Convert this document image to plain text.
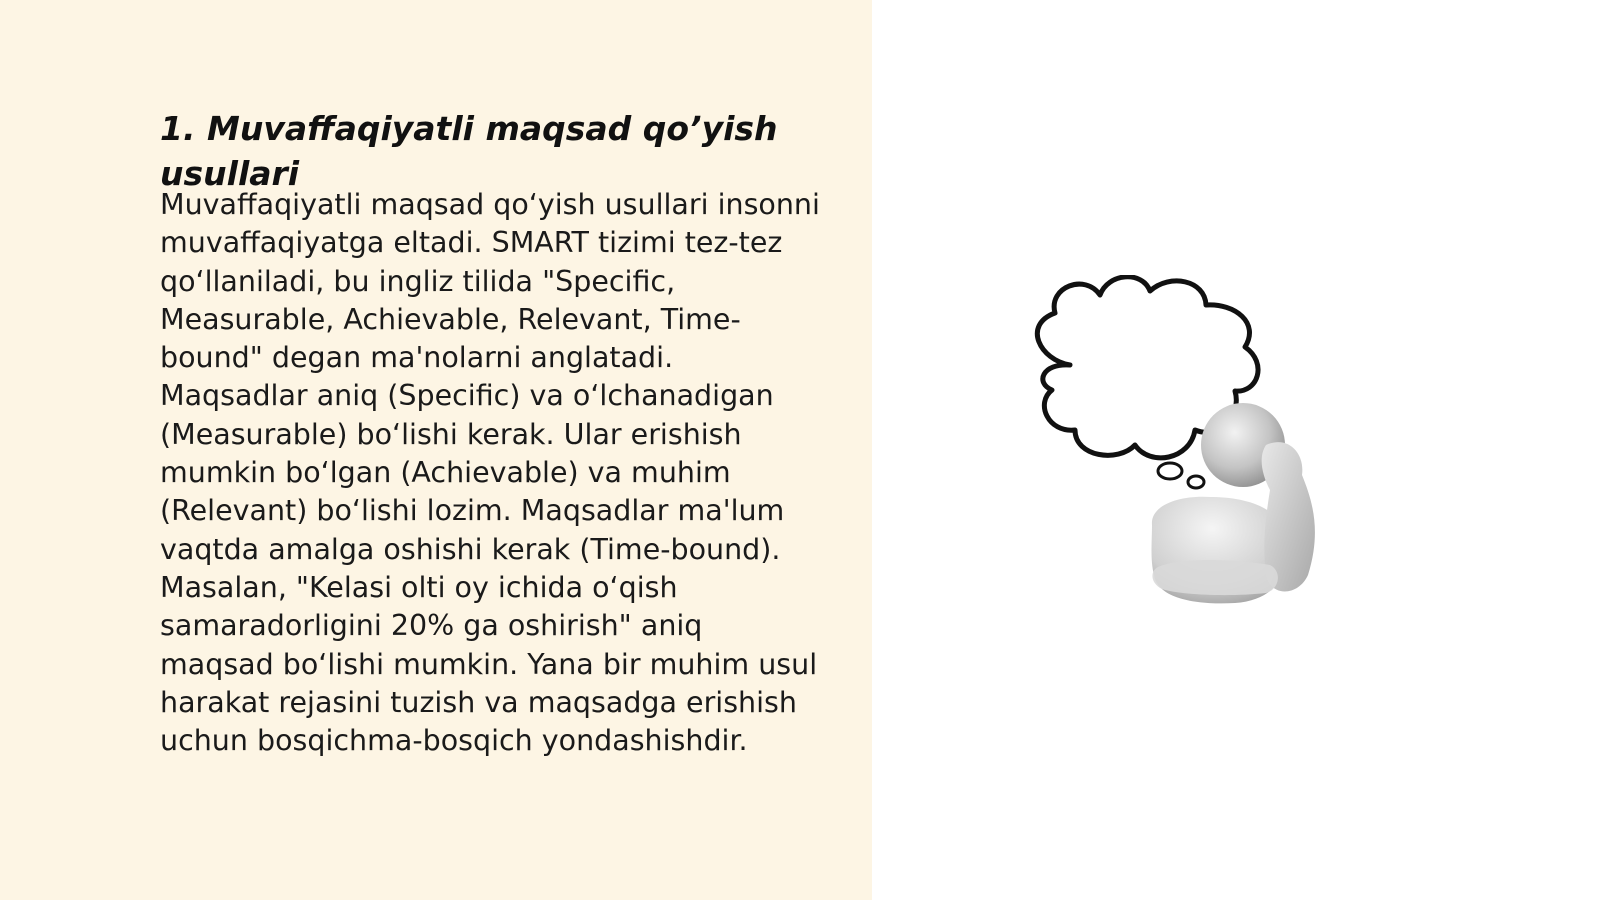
1. Muvaffaqiyatli maqsad qo’yish usullari

Muvaffaqiyatli maqsad qo‘yish usullari insonni muvaffaqiyatga eltadi. SMART tizimi tez-tez qo‘llaniladi, bu ingliz tilida "Specific, Measurable, Achievable, Relevant, Time-bound" degan ma'nolarni anglatadi. Maqsadlar aniq (Specific) va o‘lchanadigan (Measurable) bo‘lishi kerak. Ular erishish mumkin bo‘lgan (Achievable) va muhim (Relevant) bo‘lishi lozim. Maqsadlar ma'lum vaqtda amalga oshishi kerak (Time-bound). Masalan, "Kelasi olti oy ichida o‘qish samaradorligini 20% ga oshirish" aniq maqsad bo‘lishi mumkin. Yana bir muhim usul harakat rejasini tuzish va maqsadga erishish uchun bosqichma-bosqich yondashishdir.
